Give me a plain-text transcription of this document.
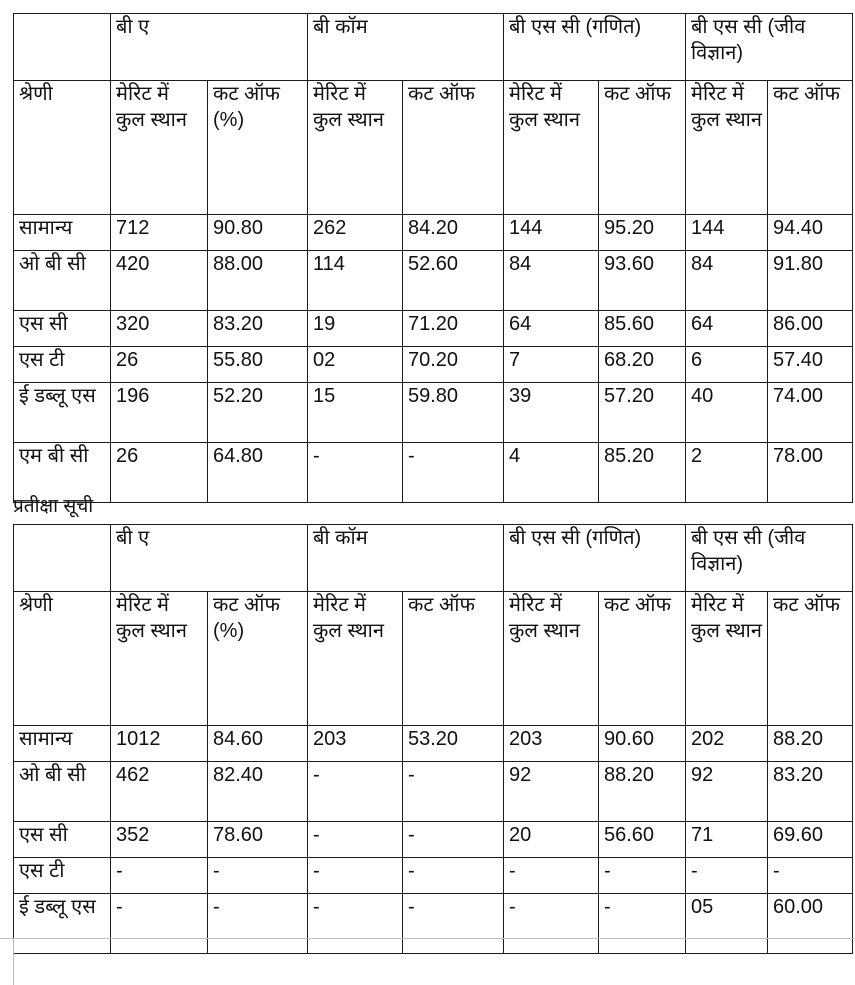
	बी ए		बी कॉम		बी एस सी (गणित)		बी एस सी (जीव विज्ञान)	
श्रेणी	मेरिट में कुल स्थान	कट ऑफ (%)	मेरिट में कुल स्थान	कट ऑफ	मेरिट में कुल स्थान	कट ऑफ	मेरिट में कुल स्थान	कट ऑफ
सामान्य	712	90.80	262	84.20	144	95.20	144	94.40
ओ बी सी	420	88.00	114	52.60	84	93.60	84	91.80
एस सी	320	83.20	19	71.20	64	85.60	64	86.00
एस टी	26	55.80	02	70.20	7	68.20	6	57.40
ई डब्लू एस	196	52.20	15	59.80	39	57.20	40	74.00
एम बी सी	26	64.80	-	-	4	85.20	2	78.00
प्रतीक्षा सूची
	बी ए		बी कॉम		बी एस सी (गणित)		बी एस सी (जीव विज्ञान)	
श्रेणी	मेरिट में कुल स्थान	कट ऑफ (%)	मेरिट में कुल स्थान	कट ऑफ	मेरिट में कुल स्थान	कट ऑफ	मेरिट में कुल स्थान	कट ऑफ
सामान्य	1012	84.60	203	53.20	203	90.60	202	88.20
ओ बी सी	462	82.40	-	-	92	88.20	92	83.20
एस सी	352	78.60	-	-	20	56.60	71	69.60
एस टी	-	-	-	-	-	-	-	-
ई डब्लू एस	-	-	-	-	-	-	05	60.00
